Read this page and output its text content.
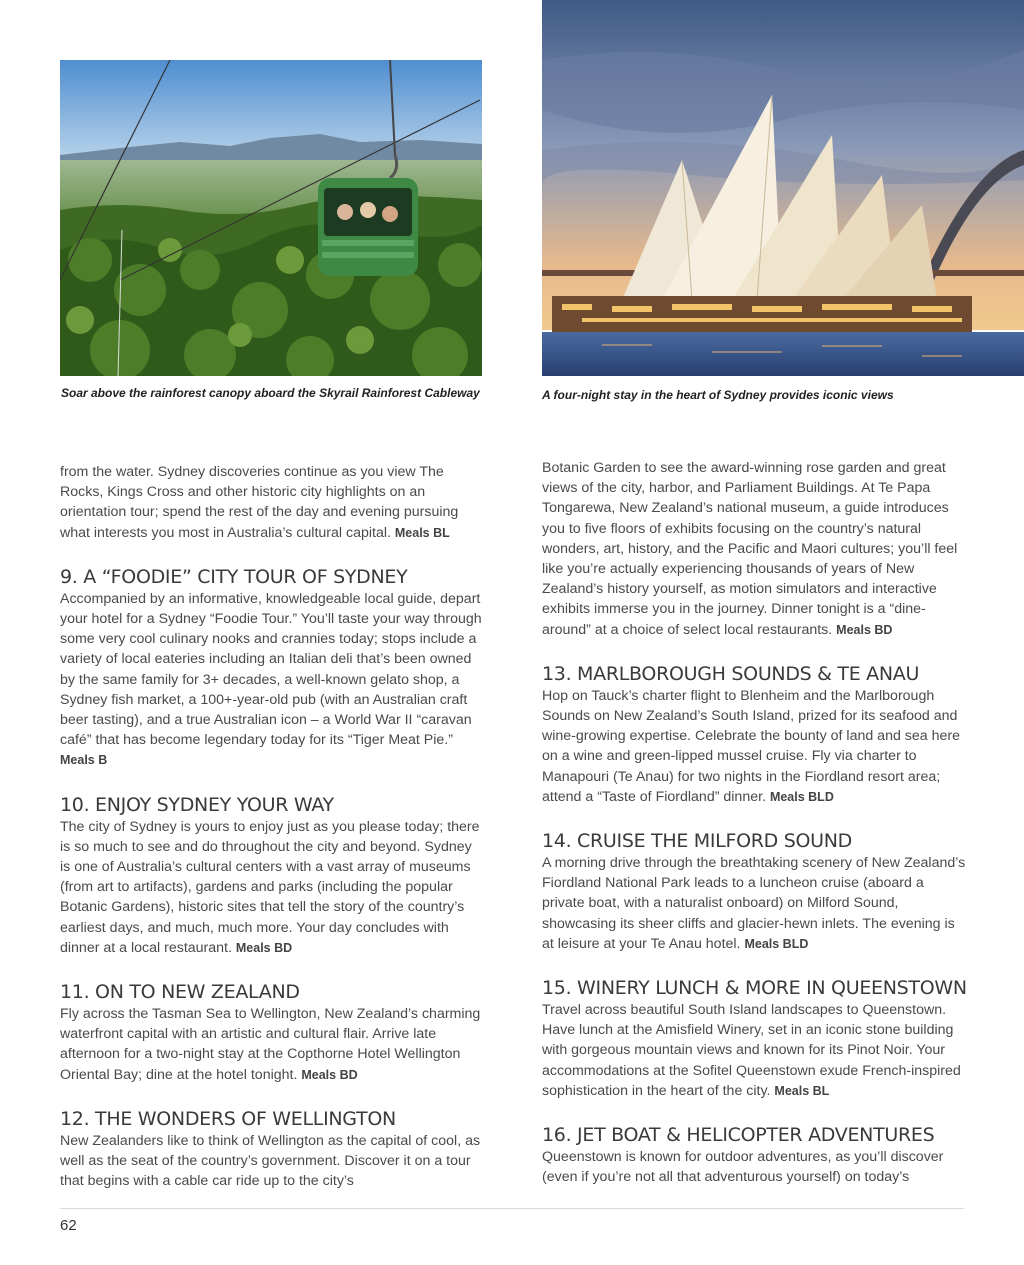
Soar above the rainforest canopy aboard the Skyrail Rainforest Cableway	A four-night stay in the heart of Sydney provides iconic views

from the water. Sydney discoveries continue as you view The Rocks, Kings Cross and other historic city highlights on an orientation tour; spend the rest of the day and evening pursuing what interests you most in Australia’s cultural capital. Meals BL

9. A “FOODIE” CITY TOUR OF SYDNEY

Accompanied by an informative, knowledgeable local guide, depart your hotel for a Sydney “Foodie Tour.” You’ll taste your way through some very cool culinary nooks and crannies today; stops include a variety of local eateries including an Italian deli that’s been owned by the same family for 3+ decades, a well-known gelato shop, a Sydney fish market, a 100+-year-old pub (with an Australian craft beer tasting), and a true Australian icon – a World War II “caravan café” that has become legendary today for its “Tiger Meat Pie.” Meals B

10. ENJOY SYDNEY YOUR WAY

The city of Sydney is yours to enjoy just as you please today; there is so much to see and do throughout the city and beyond. Sydney is one of Australia’s cultural centers with a vast array of museums (from art to artifacts), gardens and parks (including the popular Botanic Gardens), historic sites that tell the story of the country’s earliest days, and much, much more. Your day concludes with dinner at a local restaurant. Meals BD

11. ON TO NEW ZEALAND

Fly across the Tasman Sea to Wellington, New Zealand’s charming waterfront capital with an artistic and cultural flair. Arrive late afternoon for a two-night stay at the Copthorne Hotel Wellington Oriental Bay; dine at the hotel tonight. Meals BD

12. THE WONDERS OF WELLINGTON

New Zealanders like to think of Wellington as the capital of cool, as well as the seat of the country’s government. Discover it on a tour that begins with a cable car ride up to the city’s

Botanic Garden to see the award-winning rose garden and great views of the city, harbor, and Parliament Buildings. At Te Papa Tongarewa, New Zealand’s national museum, a guide introduces you to five floors of exhibits focusing on the country’s natural wonders, art, history, and the Pacific and Maori cultures; you’ll feel like you’re actually experiencing thousands of years of New Zealand’s history yourself, as motion simulators and interactive exhibits immerse you in the journey. Dinner tonight is a “dine-around” at a choice of select local restaurants. Meals BD

13. MARLBOROUGH SOUNDS & TE ANAU

Hop on Tauck’s charter flight to Blenheim and the Marlborough Sounds on New Zealand’s South Island, prized for its seafood and wine-growing expertise. Celebrate the bounty of land and sea here on a wine and green-lipped mussel cruise. Fly via charter to Manapouri (Te Anau) for two nights in the Fiordland resort area; attend a “Taste of Fiordland” dinner. Meals BLD

14. CRUISE THE MILFORD SOUND

A morning drive through the breathtaking scenery of New Zealand’s Fiordland National Park leads to a luncheon cruise (aboard a private boat, with a naturalist onboard) on Milford Sound, showcasing its sheer cliffs and glacier-hewn inlets. The evening is at leisure at your Te Anau hotel. Meals BLD

15. WINERY LUNCH & MORE IN QUEENSTOWN

Travel across beautiful South Island landscapes to Queenstown. Have lunch at the Amisfield Winery, set in an iconic stone building with gorgeous mountain views and known for its Pinot Noir. Your accommodations at the Sofitel Queenstown exude French-inspired sophistication in the heart of the city. Meals BL

16. JET BOAT & HELICOPTER ADVENTURES

Queenstown is known for outdoor adventures, as you’ll discover (even if you’re not all that adventurous yourself) on today’s

62
